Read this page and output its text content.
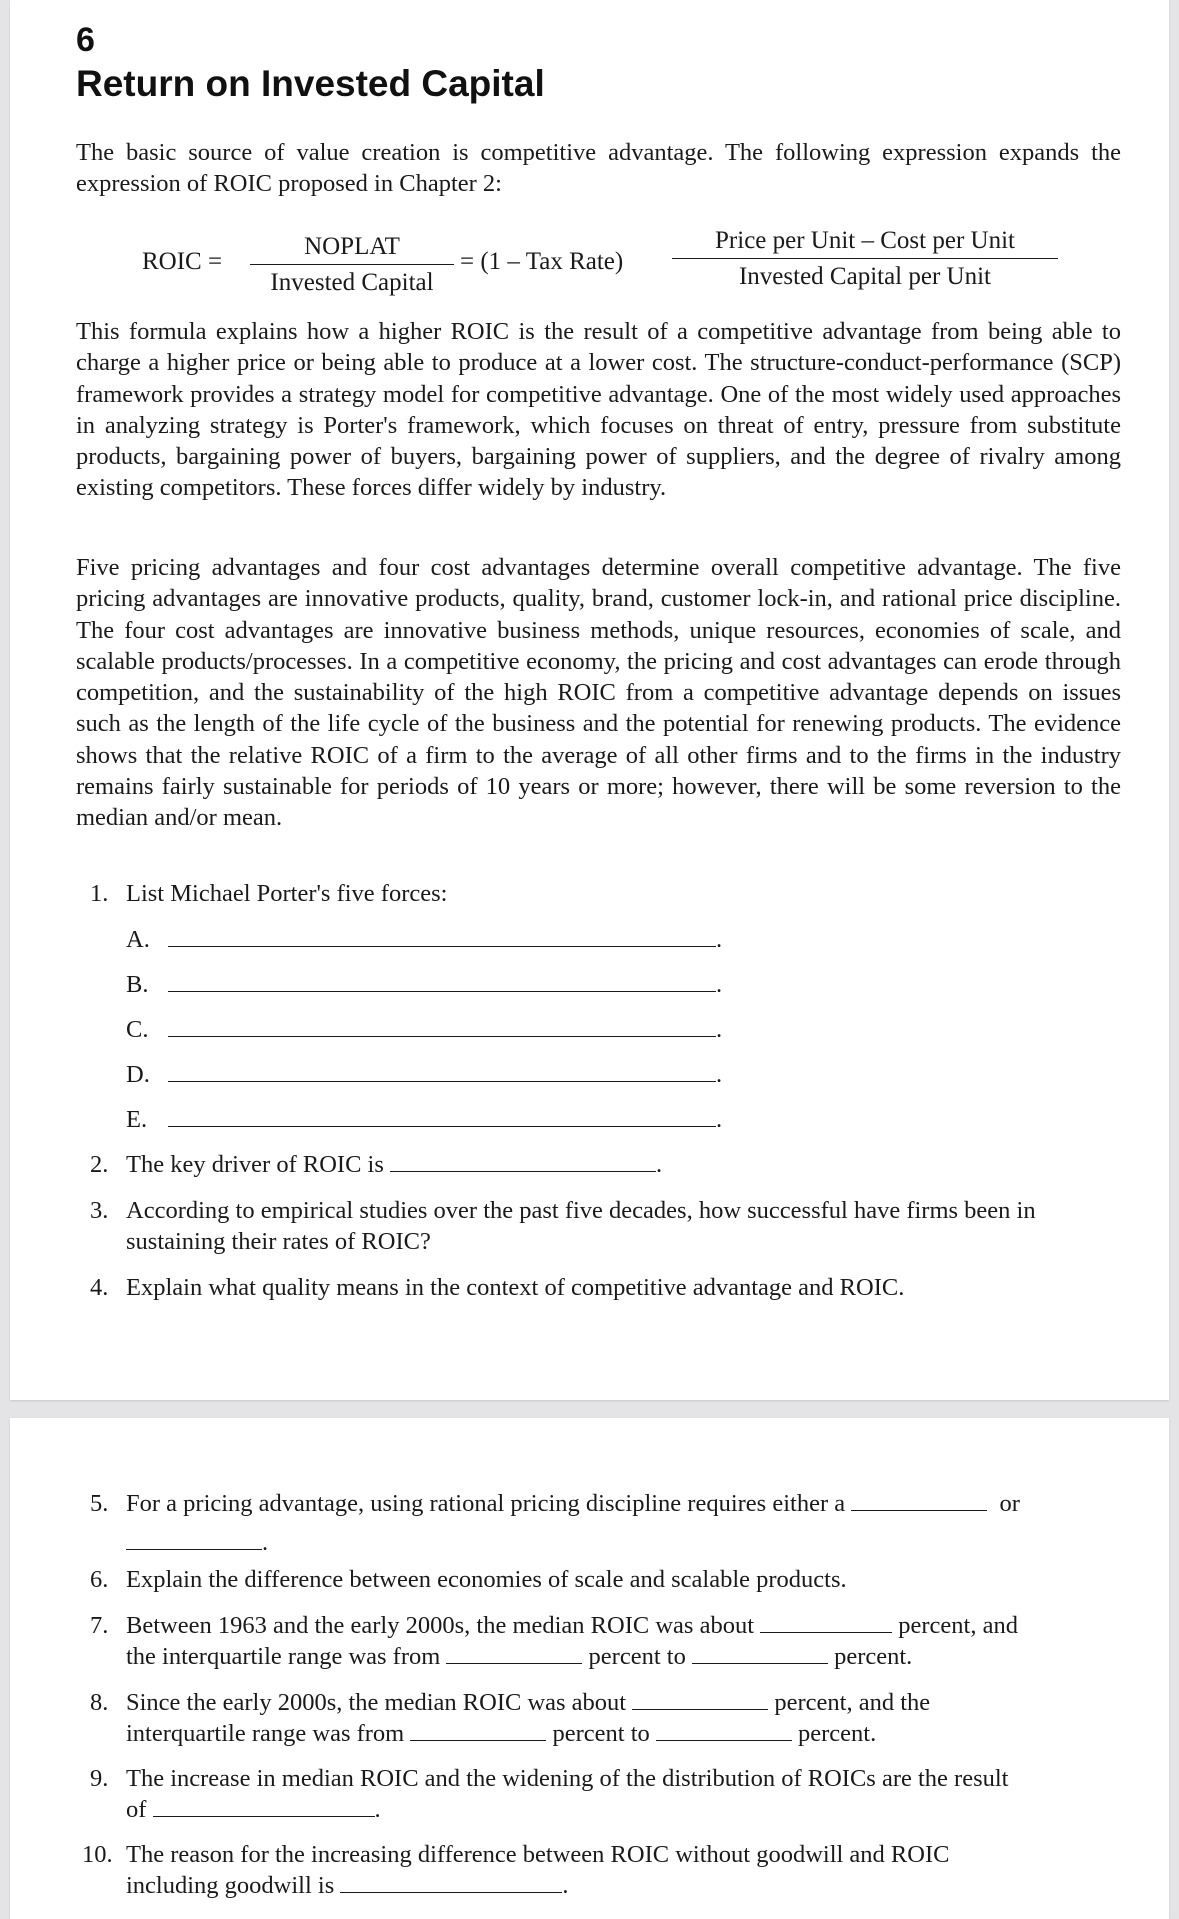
6
Return on Invested Capital

The basic source of value creation is competitive advantage. The following expression expands the expression of ROIC proposed in Chapter 2:

ROIC =
NOPLAT
Invested Capital
= (1 – Tax Rate)
Price per Unit – Cost per Unit
Invested Capital per Unit

This formula explains how a higher ROIC is the result of a competitive advantage from being able to charge a higher price or being able to produce at a lower cost. The structure-conduct-performance (SCP) framework provides a strategy model for competitive advantage. One of the most widely used approaches in analyzing strategy is Porter's framework, which focuses on threat of entry, pressure from substitute products, bargaining power of buyers, bargaining power of suppliers, and the degree of rivalry among existing competitors. These forces differ widely by industry.

Five pricing advantages and four cost advantages determine overall competitive advantage. The five pricing advantages are innovative products, quality, brand, customer lock-in, and rational price discipline. The four cost advantages are innovative business methods, unique resources, economies of scale, and scalable products/processes. In a competitive economy, the pricing and cost advantages can erode through competition, and the sustainability of the high ROIC from a competitive advantage depends on issues such as the length of the life cycle of the business and the potential for renewing products. The evidence shows that the relative ROIC of a firm to the average of all other firms and to the firms in the industry remains fairly sustainable for periods of 10 years or more; however, there will be some reversion to the median and/or mean.

1. List Michael Porter's five forces:
A.	.
B.	.
C.	.
D.	.
E.	.
2. The key driver of ROIC is	.
3. According to empirical studies over the past five decades, how successful have firms been in sustaining their rates of ROIC?
4. Explain what quality means in the context of competitive advantage and ROIC.
5. For a pricing advantage, using rational pricing discipline requires either a	or
.
6. Explain the difference between economies of scale and scalable products.
7. Between 1963 and the early 2000s, the median ROIC was about	percent, and
the interquartile range was from	percent to	percent.
8. Since the early 2000s, the median ROIC was about	percent, and the
interquartile range was from	percent to	percent.
9. The increase in median ROIC and the widening of the distribution of ROICs are the result
of	.
10. The reason for the increasing difference between ROIC without goodwill and ROIC
including goodwill is	.
